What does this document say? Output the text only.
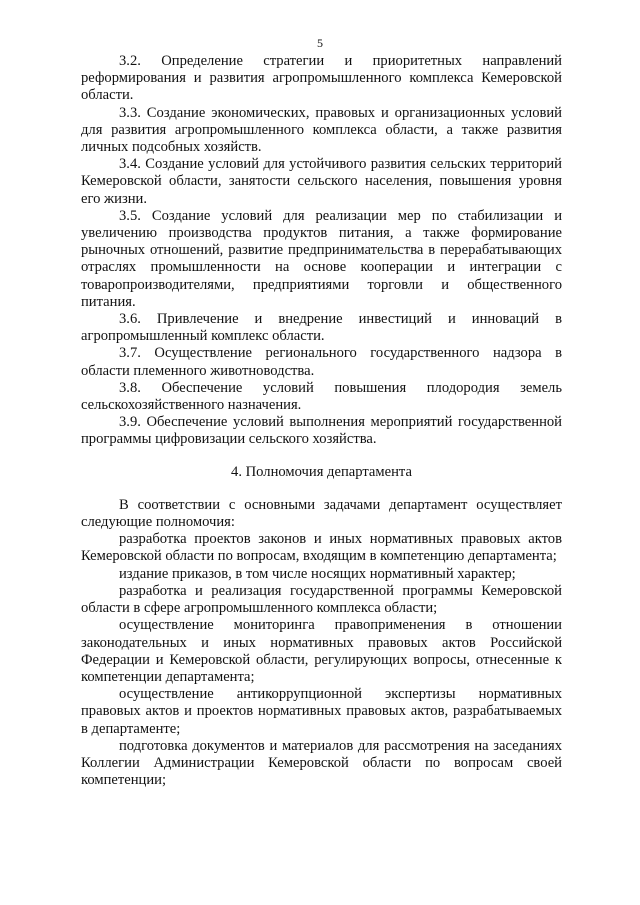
5

3.2. Определение стратегии и приоритетных направлений реформирования и развития агропромышленного комплекса Кемеровской области.

3.3. Создание экономических, правовых и организационных условий для развития агропромышленного комплекса области, а также развития личных подсобных хозяйств.

3.4. Создание условий для устойчивого развития сельских территорий Кемеровской области, занятости сельского населения, повышения уровня его жизни.

3.5. Создание условий для реализации мер по стабилизации и увеличению производства продуктов питания, а также формирование рыночных отношений, развитие предпринимательства в перерабатывающих отраслях промышленности на основе кооперации и интеграции с товаропроизводителями, предприятиями торговли и общественного питания.

3.6. Привлечение и внедрение инвестиций и инноваций в агропромышленный комплекс области.

3.7. Осуществление регионального государственного надзора в области племенного животноводства.

3.8. Обеспечение условий повышения плодородия земель сельскохозяйственного назначения.

3.9. Обеспечение условий выполнения мероприятий государственной программы цифровизации сельского хозяйства.

4. Полномочия департамента

В соответствии с основными задачами департамент осуществляет следующие полномочия:

разработка проектов законов и иных нормативных правовых актов Кемеровской области по вопросам, входящим в компетенцию департамента;

издание приказов, в том числе носящих нормативный характер;

разработка и реализация государственной программы Кемеровской области в сфере агропромышленного комплекса области;

осуществление мониторинга правоприменения в отношении законодательных и иных нормативных правовых актов Российской Федерации и Кемеровской области, регулирующих вопросы, отнесенные к компетенции департамента;

осуществление антикоррупционной экспертизы нормативных правовых актов и проектов нормативных правовых актов, разрабатываемых в департаменте;

подготовка документов и материалов для рассмотрения на заседаниях Коллегии Администрации Кемеровской области по вопросам своей компетенции;
